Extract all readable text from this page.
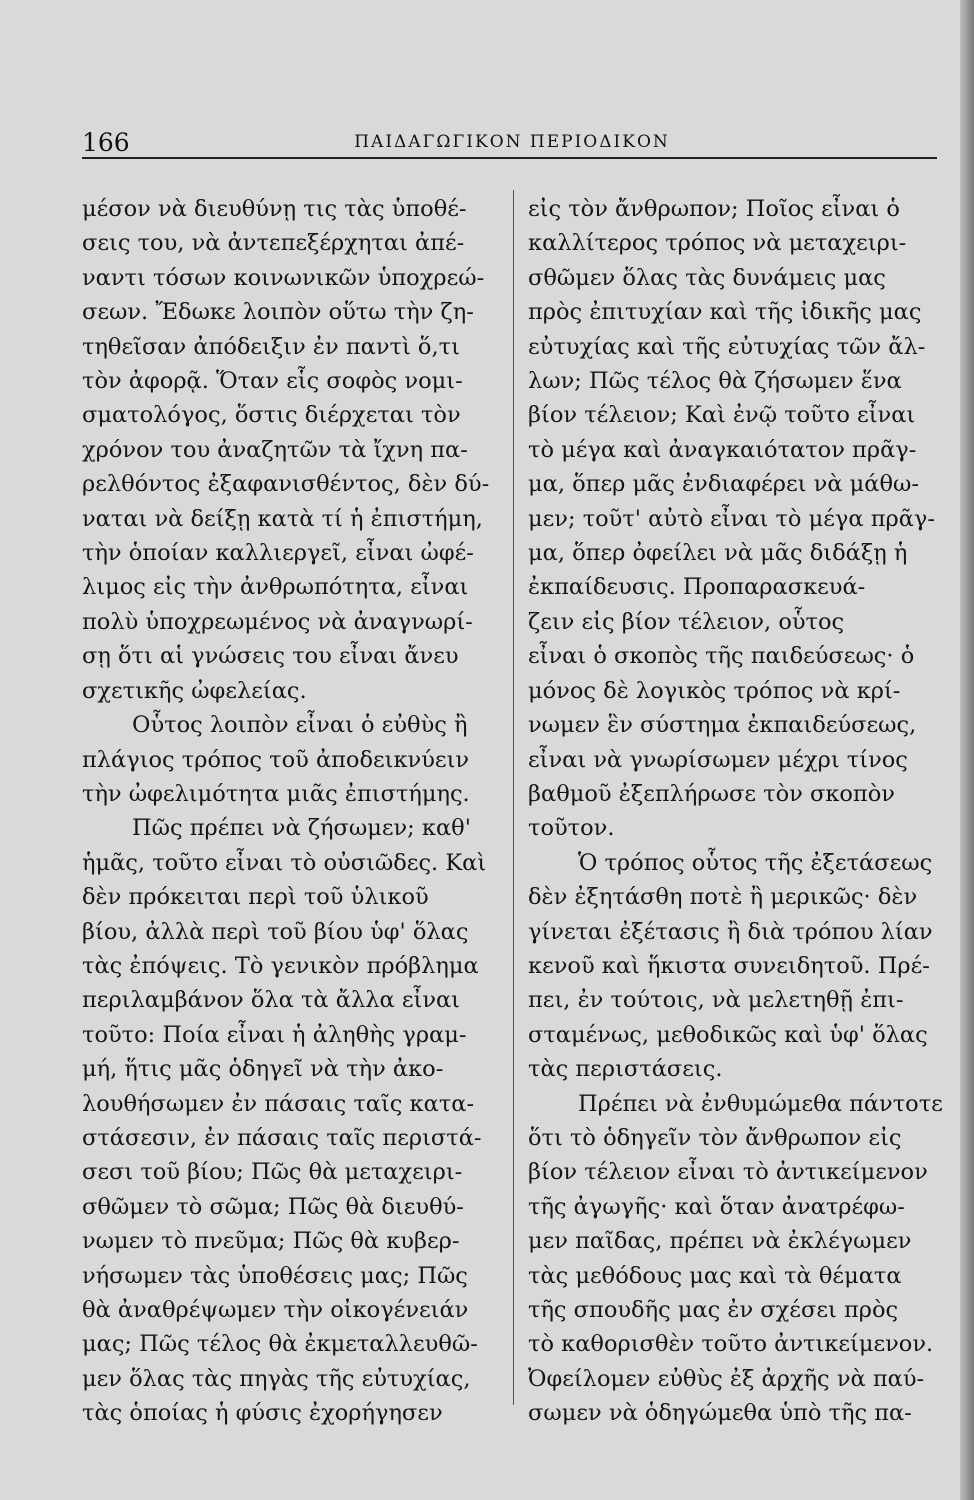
166	ΠΑΙΔΑΓΩΓΙΚΟΝ ΠΕΡΙΟΔΙΚΟΝ
μέσον νὰ διευθύνῃ τις τὰς ὑποθέ-
σεις του, νὰ ἀντεπεξέρχηται ἀπέ-
ναντι τόσων κοινωνικῶν ὑποχρεώ-
σεων. Ἔδωκε λοιπὸν οὕτω τὴν ζη-
τηθεῖσαν ἀπόδειξιν ἐν παντὶ ὅ,τι
τὸν ἀφορᾷ. Ὅταν εἷς σοφὸς νομι-
σματολόγος, ὅστις διέρχεται τὸν
χρόνον του ἀναζητῶν τὰ ἴχνη πα-
ρελθόντος ἐξαφανισθέντος, δὲν δύ-
ναται νὰ δείξῃ κατὰ τί ἡ ἐπιστήμη,
τὴν ὁποίαν καλλιεργεῖ, εἶναι ὠφέ-
λιμος εἰς τὴν ἀνθρωπότητα, εἶναι
πολὺ ὑποχρεωμένος νὰ ἀναγνωρί-
σῃ ὅτι αἱ γνώσεις του εἶναι ἄνευ
σχετικῆς ὠφελείας.
Οὗτος λοιπὸν εἶναι ὁ εὐθὺς ἢ
πλάγιος τρόπος τοῦ ἀποδεικνύειν
τὴν ὠφελιμότητα μιᾶς ἐπιστήμης.
Πῶς πρέπει νὰ ζήσωμεν; καθ'
ἡμᾶς, τοῦτο εἶναι τὸ οὐσιῶδες. Καὶ
δὲν πρόκειται περὶ τοῦ ὑλικοῦ
βίου, ἀλλὰ περὶ τοῦ βίου ὑφ' ὅλας
τὰς ἐπόψεις. Τὸ γενικὸν πρόβλημα
περιλαμβάνον ὅλα τὰ ἄλλα εἶναι
τοῦτο: Ποία εἶναι ἡ ἀληθὴς γραμ-
μή, ἥτις μᾶς ὁδηγεῖ νὰ τὴν ἀκο-
λουθήσωμεν ἐν πάσαις ταῖς κατα-
στάσεσιν, ἐν πάσαις ταῖς περιστά-
σεσι τοῦ βίου; Πῶς θὰ μεταχειρι-
σθῶμεν τὸ σῶμα; Πῶς θὰ διευθύ-
νωμεν τὸ πνεῦμα; Πῶς θὰ κυβερ-
νήσωμεν τὰς ὑποθέσεις μας; Πῶς
θὰ ἀναθρέψωμεν τὴν οἰκογένειάν
μας; Πῶς τέλος θὰ ἐκμεταλλευθῶ-
μεν ὅλας τὰς πηγὰς τῆς εὐτυχίας,
τὰς ὁποίας ἡ φύσις ἐχορήγησεν
εἰς τὸν ἄνθρωπον; Ποῖος εἶναι ὁ
καλλίτερος τρόπος νὰ μεταχειρι-
σθῶμεν ὅλας τὰς δυνάμεις μας
πρὸς ἐπιτυχίαν καὶ τῆς ἰδικῆς μας
εὐτυχίας καὶ τῆς εὐτυχίας τῶν ἄλ-
λων; Πῶς τέλος θὰ ζήσωμεν ἕνα
βίον τέλειον; Καὶ ἐνῷ τοῦτο εἶναι
τὸ μέγα καὶ ἀναγκαιότατον πρᾶγ-
μα, ὅπερ μᾶς ἐνδιαφέρει νὰ μάθω-
μεν; τοῦτ' αὐτὸ εἶναι τὸ μέγα πρᾶγ-
μα, ὅπερ ὀφείλει νὰ μᾶς διδάξῃ ἡ
ἐκπαίδευσις. Προπαρασκευά-
ζειν εἰς βίον τέλειον, οὗτος
εἶναι ὁ σκοπὸς τῆς παιδεύσεως· ὁ
μόνος δὲ λογικὸς τρόπος νὰ κρί-
νωμεν ἓν σύστημα ἐκπαιδεύσεως,
εἶναι νὰ γνωρίσωμεν μέχρι τίνος
βαθμοῦ ἐξεπλήρωσε τὸν σκοπὸν
τοῦτον.
Ὁ τρόπος οὗτος τῆς ἐξετάσεως
δὲν ἐξητάσθη ποτὲ ἢ μερικῶς· δὲν
γίνεται ἐξέτασις ἢ διὰ τρόπου λίαν
κενοῦ καὶ ἥκιστα συνειδητοῦ. Πρέ-
πει, ἐν τούτοις, νὰ μελετηθῇ ἐπι-
σταμένως, μεθοδικῶς καὶ ὑφ' ὅλας
τὰς περιστάσεις.
Πρέπει νὰ ἐνθυμώμεθα πάντοτε
ὅτι τὸ ὁδηγεῖν τὸν ἄνθρωπον εἰς
βίον τέλειον εἶναι τὸ ἀντικείμενον
τῆς ἀγωγῆς· καὶ ὅταν ἀνατρέφω-
μεν παῖδας, πρέπει νὰ ἐκλέγωμεν
τὰς μεθόδους μας καὶ τὰ θέματα
τῆς σπουδῆς μας ἐν σχέσει πρὸς
τὸ καθορισθὲν τοῦτο ἀντικείμενον.
Ὀφείλομεν εὐθὺς ἐξ ἀρχῆς νὰ παύ-
σωμεν νὰ ὁδηγώμεθα ὑπὸ τῆς πα-
